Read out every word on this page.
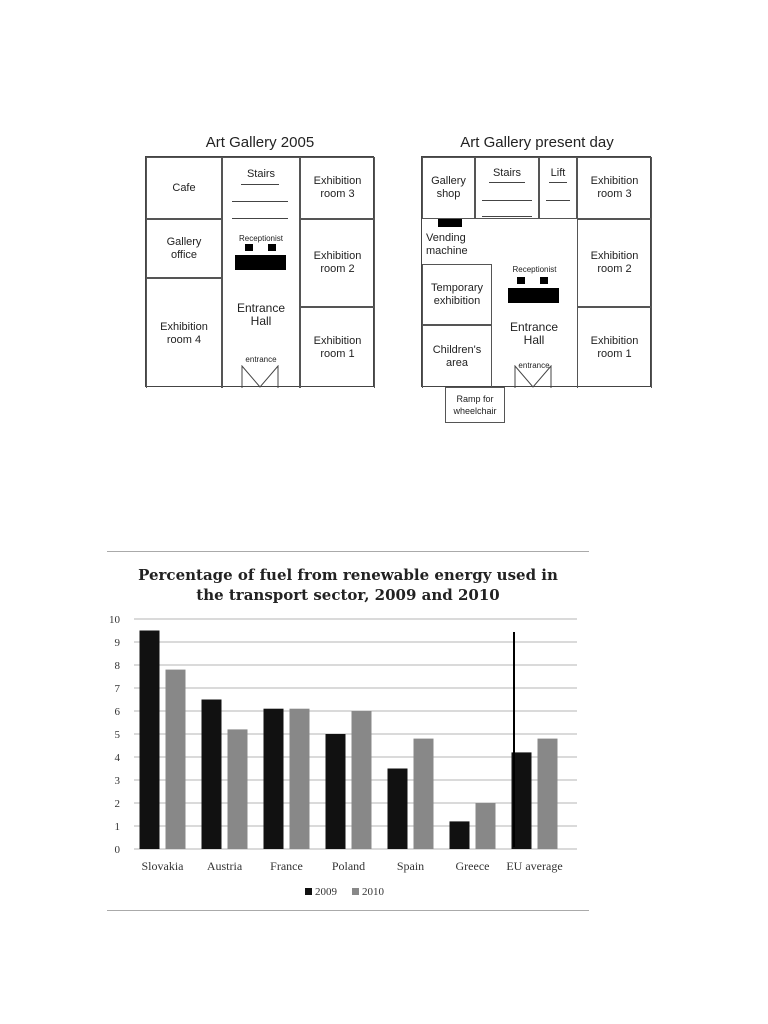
Art Gallery 2005
Cafe
Gallery office
Exhibition room 4
Exhibition room 3
Exhibition room 2
Exhibition room 1
Stairs
Receptionist
Entrance Hall
entrance
Art Gallery present day
Gallery shop
Stairs	Lift
Exhibition room 3
Vending machine
Temporary exhibition
Children's area
Receptionist
Entrance Hall
entrance
Exhibition room 2
Exhibition room 1
Ramp for wheelchair
Percentage of fuel from renewable energy used in
the transport sector, 2009 and 2010
0
1
2
3
4
5
6
7
8
9
10
Slovakia Austria France Poland	Spain	Greece EU average
2009 2010
